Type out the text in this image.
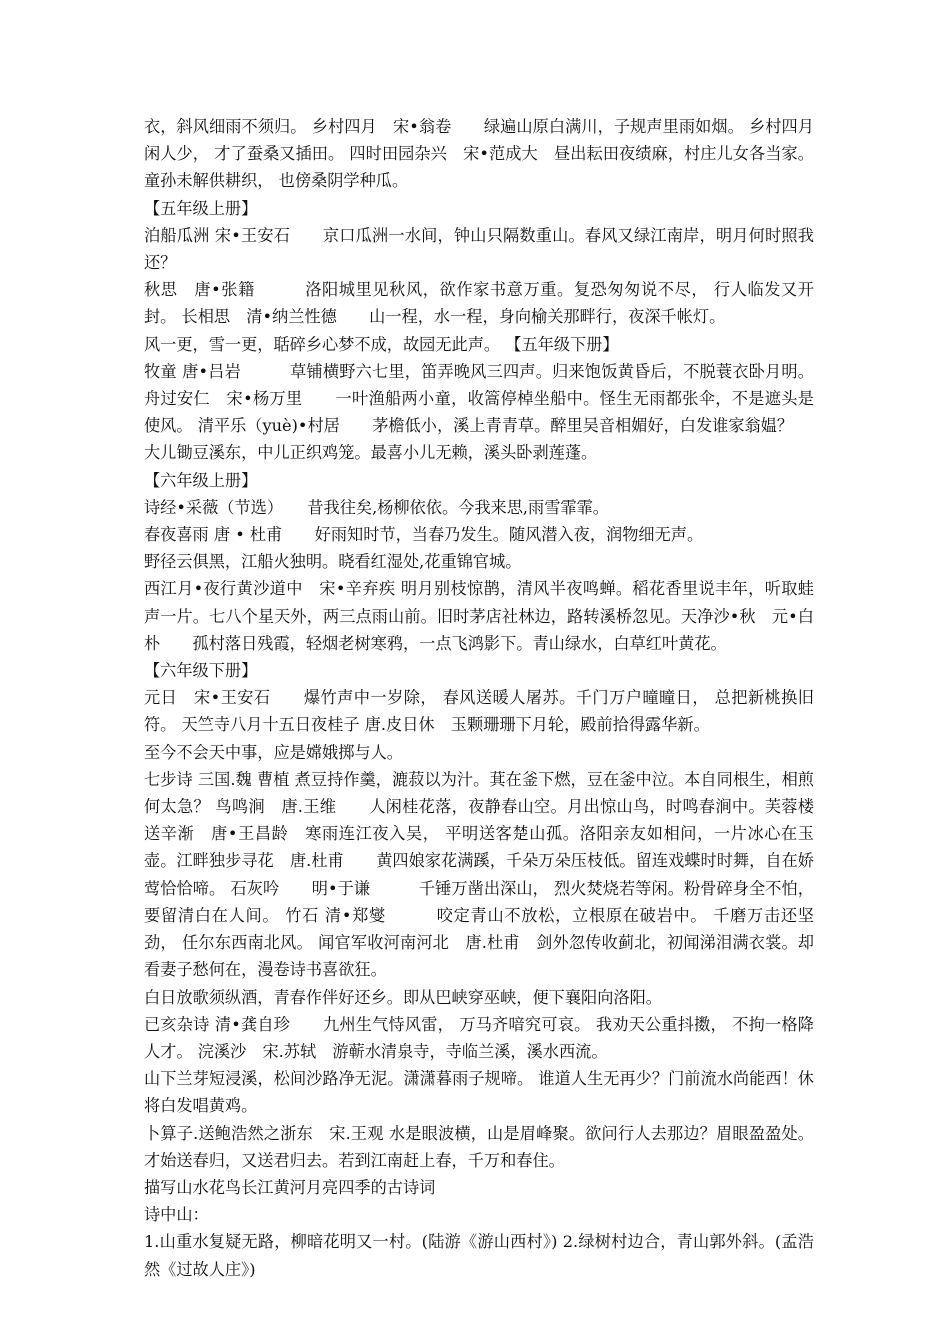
衣，斜风细雨不须归。 乡村四月　宋•翁卷　　绿遍山原白满川，子规声里雨如烟。 乡村四月闲人少， 才了蚕桑又插田。 四时田园杂兴　宋•范成大　昼出耘田夜绩麻，村庄儿女各当家。 童孙未解供耕织， 也傍桑阴学种瓜。

【五年级上册】

泊船瓜洲 宋•王安石　　京口瓜洲一水间，钟山只隔数重山。春风又绿江南岸，明月何时照我还？

秋思　唐•张籍　　　洛阳城里见秋风，欲作家书意万重。复恐匆匆说不尽， 行人临发又开封。 长相思　清•纳兰性德　　山一程，水一程，身向榆关那畔行，夜深千帐灯。

风一更，雪一更，聒碎乡心梦不成，故园无此声。 【五年级下册】

牧童 唐•吕岩　　　草铺横野六七里，笛弄晚风三四声。归来饱饭黄昏后，不脱蓑衣卧月明。 舟过安仁　宋•杨万里　　一叶渔船两小童，收篙停棹坐船中。怪生无雨都张伞，不是遮头是使风。 清平乐（yuè)•村居　　茅檐低小，溪上青青草。醉里吴音相媚好，白发谁家翁媪？

大儿锄豆溪东，中儿正织鸡笼。最喜小儿无赖，溪头卧剥莲蓬。

【六年级上册】

诗经•采薇（节选）　　昔我往矣,杨柳依依。今我来思,雨雪霏霏。

春夜喜雨 唐 • 杜甫　　好雨知时节，当春乃发生。随风潜入夜，润物细无声。

野径云俱黑，江船火独明。晓看红湿处,花重锦官城。

西江月•夜行黄沙道中　宋•辛弃疾 明月别枝惊鹊，清风半夜鸣蝉。稻花香里说丰年，听取蛙声一片。七八个星天外，两三点雨山前。旧时茅店社林边，路转溪桥忽见。天净沙•秋　元•白朴　　孤村落日残霞，轻烟老树寒鸦，一点飞鸿影下。青山绿水，白草红叶黄花。

【六年级下册】

元日　宋•王安石　　爆竹声中一岁除， 春风送暖人屠苏。千门万户曈曈日， 总把新桃换旧符。 天竺寺八月十五日夜桂子 唐.皮日休　玉颗珊珊下月轮，殿前拾得露华新。

至今不会天中事，应是嫦娥掷与人。

七步诗 三国.魏 曹植 煮豆持作羹，漉菽以为汁。萁在釜下燃，豆在釜中泣。本自同根生，相煎何太急？ 鸟鸣涧　唐.王维　　人闲桂花落，夜静春山空。月出惊山鸟，时鸣春涧中。芙蓉楼送辛渐　唐•王昌龄　寒雨连江夜入吴， 平明送客楚山孤。洛阳亲友如相问，一片冰心在玉壶。江畔独步寻花　唐.杜甫　　黄四娘家花满蹊，千朵万朵压枝低。留连戏蝶时时舞，自在娇莺恰恰啼。 石灰吟　　明•于谦　　　千锤万凿出深山， 烈火焚烧若等闲。粉骨碎身全不怕，要留清白在人间。 竹石 清•郑燮　　　咬定青山不放松，立根原在破岩中。 千磨万击还坚劲， 任尔东西南北风。 闻官军收河南河北　唐.杜甫　剑外忽传收蓟北，初闻涕泪满衣裳。却看妻子愁何在，漫卷诗书喜欲狂。

白日放歌须纵酒，青春作伴好还乡。即从巴峡穿巫峡，便下襄阳向洛阳。

已亥杂诗 清•龚自珍　　九州生气恃风雷， 万马齐喑究可哀。 我劝天公重抖擞， 不拘一格降人才。 浣溪沙　宋.苏轼　游蕲水清泉寺，寺临兰溪，溪水西流。

山下兰芽短浸溪，松间沙路净无泥。潇潇暮雨子规啼。 谁道人生无再少？门前流水尚能西！休将白发唱黄鸡。

卜算子.送鲍浩然之浙东　宋.王观 水是眼波横，山是眉峰聚。欲问行人去那边？眉眼盈盈处。才始送春归，又送君归去。若到江南赶上春，千万和春住。

描写山水花鸟长江黄河月亮四季的古诗词

诗中山：

1.山重水复疑无路，柳暗花明又一村。(陆游《游山西村》) 2.绿树村边合，青山郭外斜。(孟浩然《过故人庄》)
